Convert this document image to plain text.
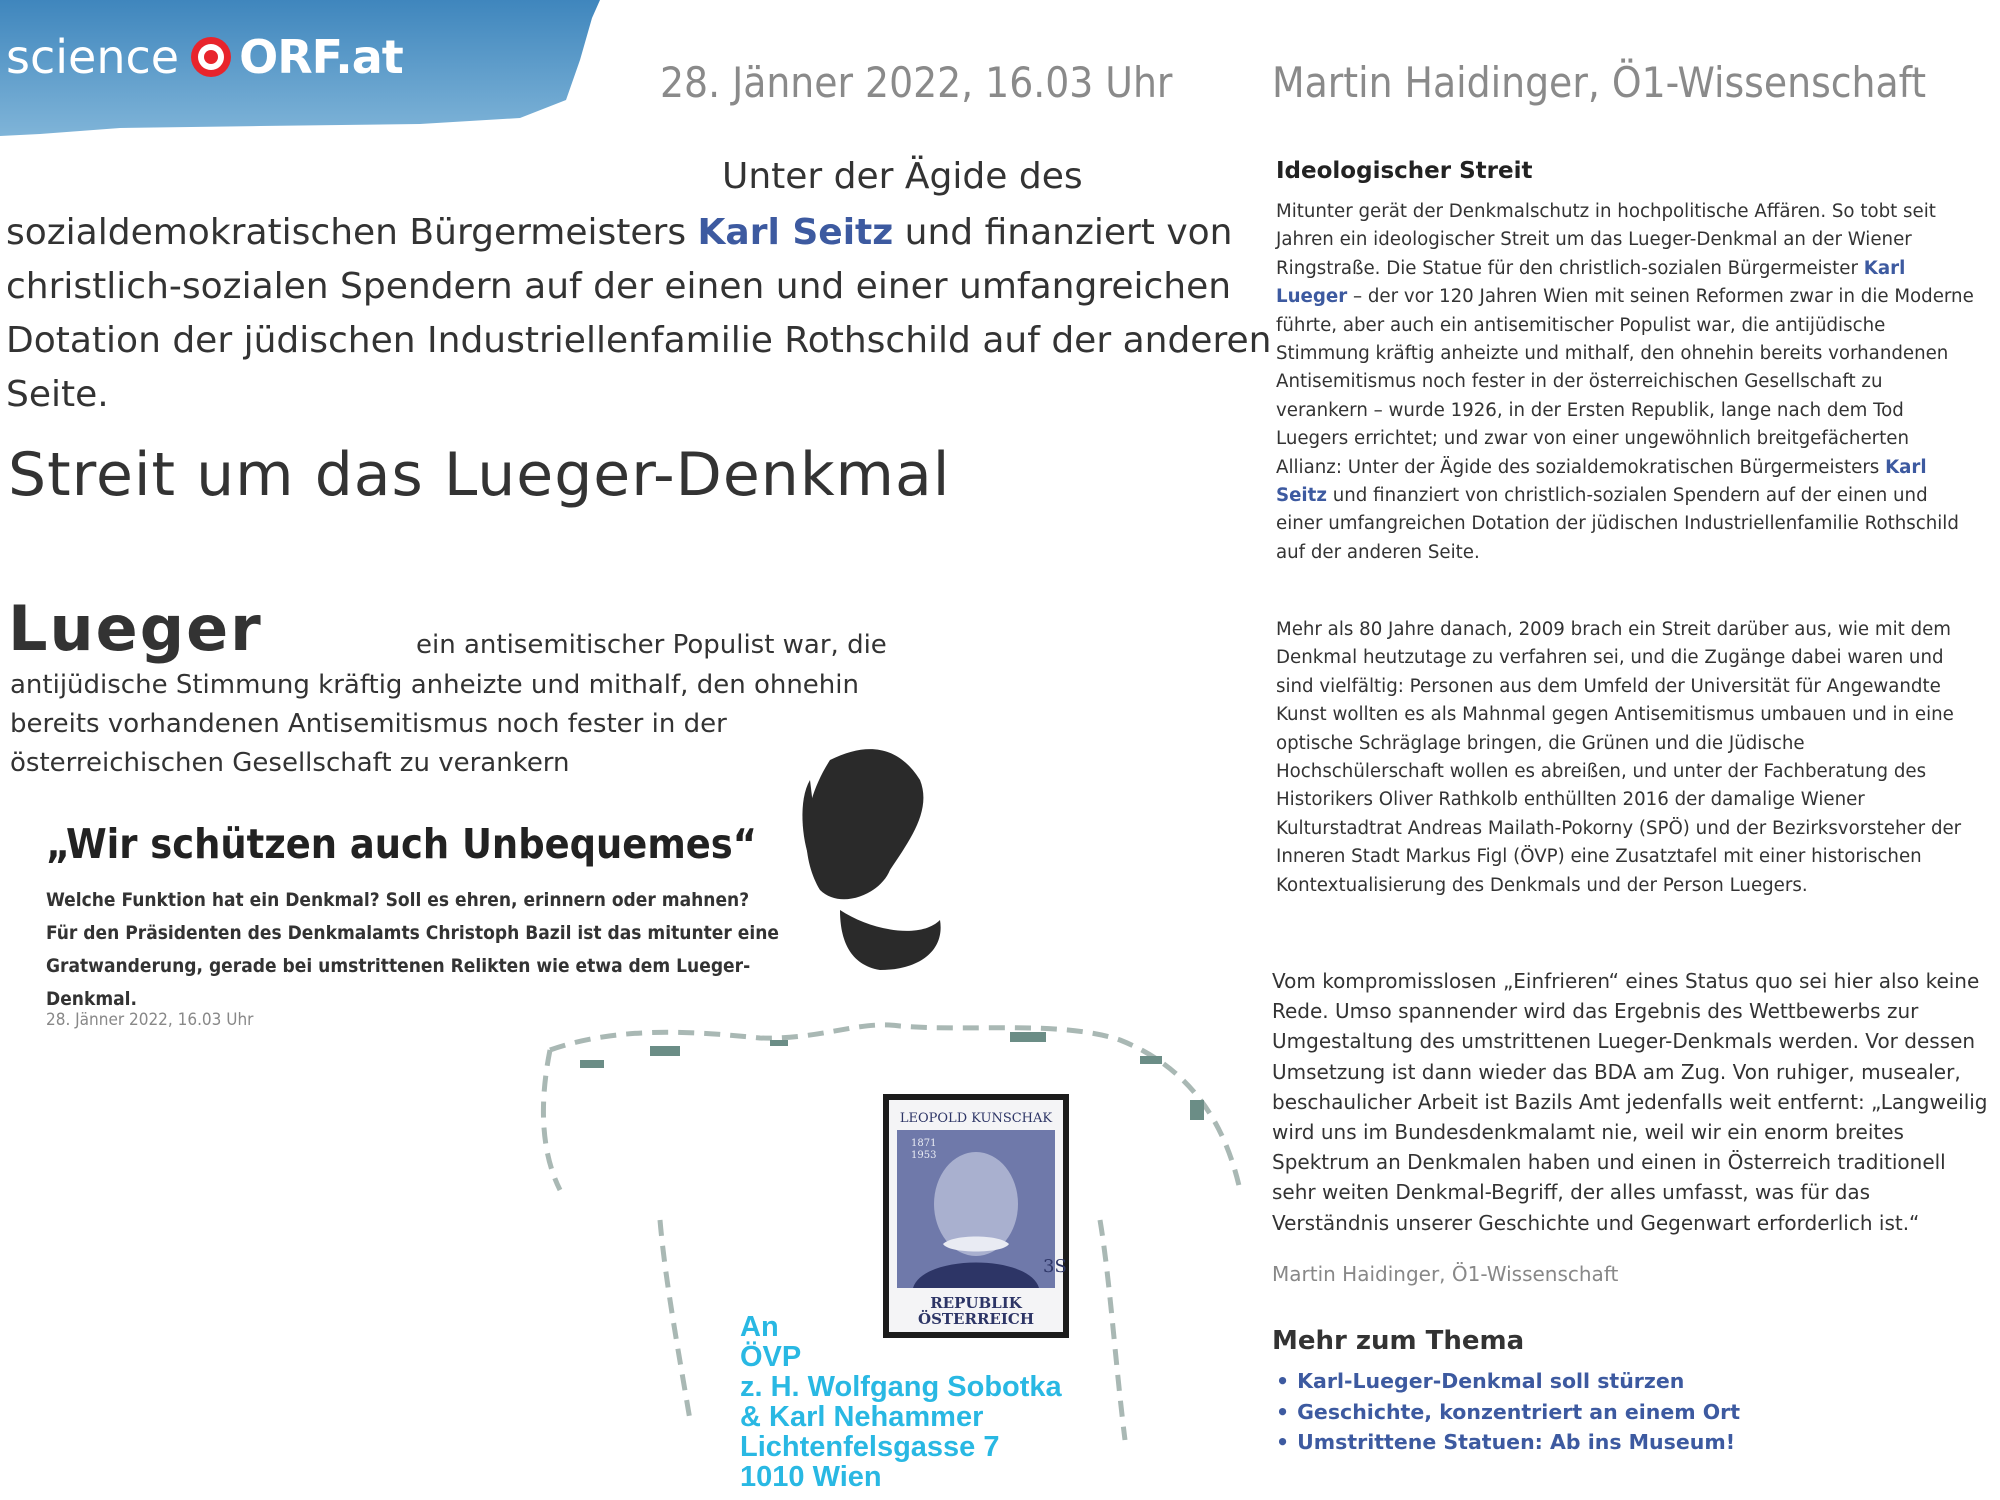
science ORF.at	28. Jänner 2022, 16.03 Uhr Martin Haidinger, Ö1-Wissenschaft
Unter der Ägide des
sozialdemokratischen Bürgermeisters Karl Seitz und finanziert von
christlich-sozialen Spendern auf der einen und einer umfangreichen
Dotation der jüdischen Industriellenfamilie Rothschild auf der anderen
Seite.
Streit um das Lueger-Denkmal
Lueger	ein antisemitischer Populist war, die
antijüdische Stimmung kräftig anheizte und mithalf, den ohnehin
bereits vorhandenen Antisemitismus noch fester in der
österreichischen Gesellschaft zu verankern
„Wir schützen auch Unbequemes“
Welche Funktion hat ein Denkmal? Soll es ehren, erinnern oder mahnen? Für den Präsidenten des Denkmalamts Christoph Bazil ist das mitunter eine Gratwanderung, gerade bei umstrittenen Relikten wie etwa dem Lueger-Denkmal.
28. Jänner 2022, 16.03 Uhr
LEOPOLD KUNSCHAK
1871
1953
3S
REPUBLIK
ÖSTERREICH
An
ÖVP
z. H. Wolfgang Sobotka
& Karl Nehammer
Lichtenfelsgasse 7
1010 Wien
Ideologischer Streit
Mitunter gerät der Denkmalschutz in hochpolitische Affären. So tobt seit Jahren ein ideologischer Streit um das Lueger-Denkmal an der Wiener Ringstraße. Die Statue für den christlich-sozialen Bürgermeister Karl Lueger – der vor 120 Jahren Wien mit seinen Reformen zwar in die Moderne führte, aber auch ein antisemitischer Populist war, die antijüdische Stimmung kräftig anheizte und mithalf, den ohnehin bereits vorhandenen Antisemitismus noch fester in der österreichischen Gesellschaft zu verankern – wurde 1926, in der Ersten Republik, lange nach dem Tod Luegers errichtet; und zwar von einer ungewöhnlich breitgefächerten Allianz: Unter der Ägide des sozialdemokratischen Bürgermeisters Karl Seitz und finanziert von christlich-sozialen Spendern auf der einen und einer umfangreichen Dotation der jüdischen Industriellenfamilie Rothschild auf der anderen Seite.
Mehr als 80 Jahre danach, 2009 brach ein Streit darüber aus, wie mit dem Denkmal heutzutage zu verfahren sei, und die Zugänge dabei waren und sind vielfältig: Personen aus dem Umfeld der Universität für Angewandte Kunst wollten es als Mahnmal gegen Antisemitismus umbauen und in eine optische Schräglage bringen, die Grünen und die Jüdische Hochschülerschaft wollen es abreißen, und unter der Fachberatung des Historikers Oliver Rathkolb enthüllten 2016 der damalige Wiener Kulturstadtrat Andreas Mailath-Pokorny (SPÖ) und der Bezirksvorsteher der Inneren Stadt Markus Figl (ÖVP) eine Zusatztafel mit einer historischen Kontextualisierung des Denkmals und der Person Luegers.
Vom kompromisslosen „Einfrieren“ eines Status quo sei hier also keine Rede. Umso spannender wird das Ergebnis des Wettbewerbs zur Umgestaltung des umstrittenen Lueger-Denkmals werden. Vor dessen Umsetzung ist dann wieder das BDA am Zug. Von ruhiger, musealer, beschaulicher Arbeit ist Bazils Amt jedenfalls weit entfernt: „Langweilig wird uns im Bundesdenkmalamt nie, weil wir ein enorm breites Spektrum an Denkmalen haben und einen in Österreich traditionell sehr weiten Denkmal-Begriff, der alles umfasst, was für das Verständnis unserer Geschichte und Gegenwart erforderlich ist.“
Martin Haidinger, Ö1-Wissenschaft
Mehr zum Thema
• Karl-Lueger-Denkmal soll stürzen
• Geschichte, konzentriert an einem Ort
• Umstrittene Statuen: Ab ins Museum!
